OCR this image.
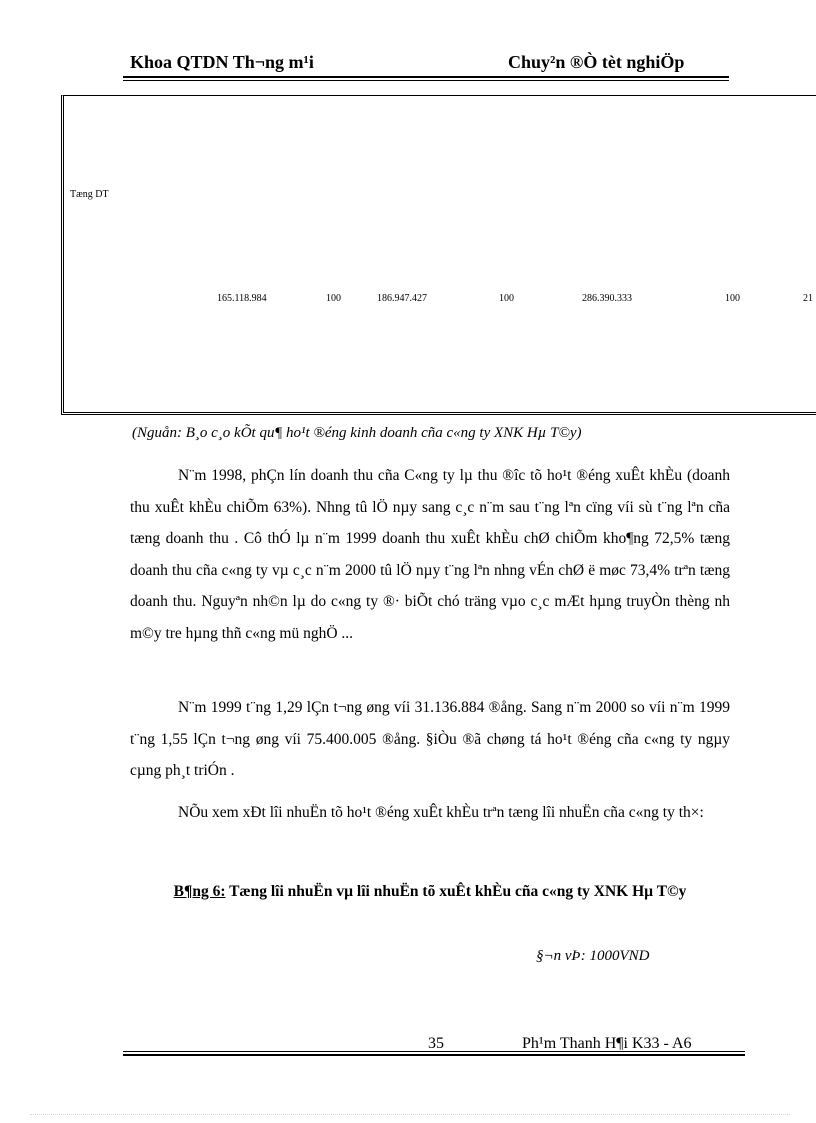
Khoa QTDN Th¬ng m¹i	Chuy²n ®Ò tèt nghiÖp
Tæng DT
165.118.984	100	186.947.427	100	286.390.333	100	21
(Nguån: B¸o c¸o kÕt qu¶ ho¹t ®éng kinh doanh cña c«ng ty XNK Hµ T©y)
N¨m 1998, phÇn lín doanh thu cña C«ng ty lµ thu ®îc tõ ho¹t ®éng xuÊt khÈu (doanh thu xuÊt khÈu chiÕm 63%). Nhng tû lÖ nµy sang c¸c n¨m sau t¨ng lªn cïng víi sù t¨ng lªn cña tæng doanh thu . Cô thÓ lµ n¨m 1999 doanh thu xuÊt khÈu chØ chiÕm kho¶ng 72,5% tæng doanh thu cña c«ng ty vµ c¸c n¨m 2000 tû lÖ nµy t¨ng lªn nhng vÉn chØ ë møc 73,4% trªn tæng doanh thu. Nguyªn nh©n lµ do c«ng ty ®· biÕt chó träng vµo c¸c mÆt hµng truyÒn thèng nh m©y tre hµng thñ c«ng mü nghÖ ...
N¨m 1999 t¨ng 1,29 lÇn t¬ng øng víi 31.136.884 ®ång. Sang n¨m 2000 so víi n¨m 1999 t¨ng 1,55 lÇn t¬ng øng víi 75.400.005 ®ång. §iÒu ®ã chøng tá ho¹t ®éng cña c«ng ty ngµy cµng ph¸t triÓn .
NÕu xem xÐt lîi nhuËn tõ ho¹t ®éng xuÊt khÈu trªn tæng lîi nhuËn cña c«ng ty th×:
B¶ng 6: Tæng lîi nhuËn vµ lîi nhuËn tõ xuÊt khÈu cña c«ng ty XNK Hµ T©y
§¬n vÞ: 1000VND
35	Ph¹m Thanh H¶i K33 - A6
